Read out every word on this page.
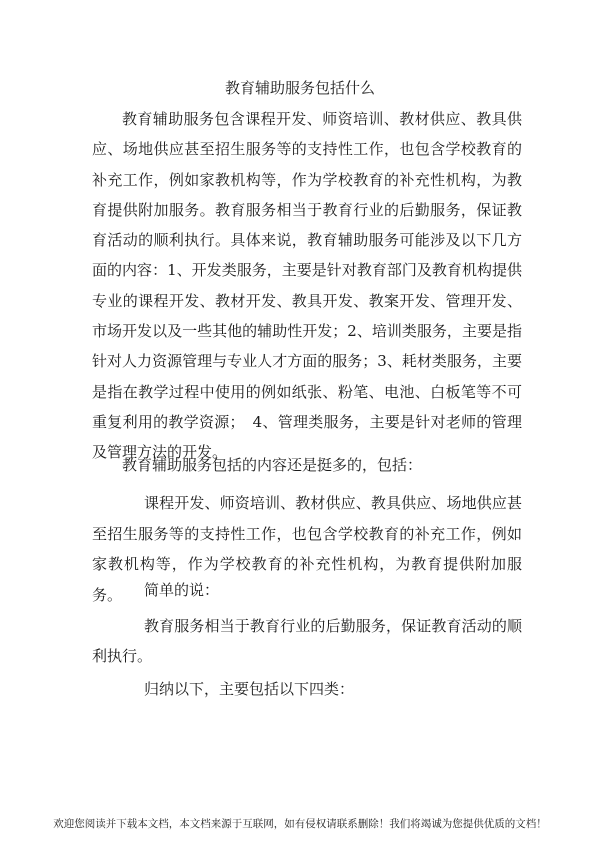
教育辅助服务包括什么
教育辅助服务包含课程开发、师资培训、教材供应、教具供应、场地供应甚至招生服务等的支持性工作，也包含学校教育的补充工作，例如家教机构等，作为学校教育的补充性机构，为教育提供附加服务。教育服务相当于教育行业的后勤服务，保证教育活动的顺利执行。具体来说，教育辅助服务可能涉及以下几方面的内容：1、开发类服务，主要是针对教育部门及教育机构提供专业的课程开发、教材开发、教具开发、教案开发、管理开发、市场开发以及一些其他的辅助性开发；2、培训类服务，主要是指针对人力资源管理与专业人才方面的服务；3、耗材类服务，主要是指在教学过程中使用的例如纸张、粉笔、电池、白板笔等不可重复利用的教学资源；　4、管理类服务，主要是针对老师的管理及管理方法的开发。
教育辅助服务包括的内容还是挺多的，包括：
课程开发、师资培训、教材供应、教具供应、场地供应甚至招生服务等的支持性工作，也包含学校教育的补充工作，例如家教机构等，作为学校教育的补充性机构，为教育提供附加服务。	简单的说：
教育服务相当于教育行业的后勤服务，保证教育活动的顺利执行。
归纳以下，主要包括以下四类：
欢迎您阅读并下载本文档，本文档来源于互联网，如有侵权请联系删除！我们将竭诚为您提供优质的文档！
